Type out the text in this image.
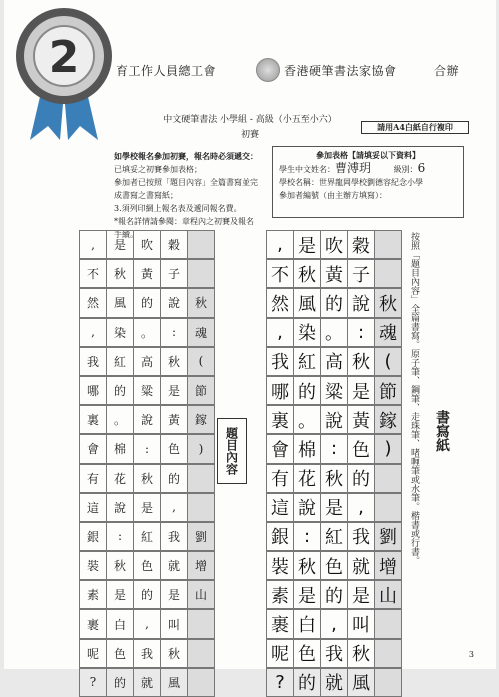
2	育工作人員總工會	香港硬筆書法家協會	合辦
中文硬筆書法 小學組 - 高級（小五至小六）
初賽
請用A4白紙自行複印
如學校報名參加初賽，報名時必須遞交：
已填妥之初賽參加表格；
參加者已按照「題目內容」全篇書寫並完成書寫之書寫紙；
3.須列印網上報名表及遞同報名費。
*報名詳情請參閱：章程內之初賽及報名手續。
參加表格【請填妥以下資料】
學生中文姓名：曹溥玥	級別：6
學校名稱：世界龍岡學校劉德容紀念小學
參加者編號（由主辦方填寫）：
,	是	吹	穀
不	秋	黃	子
然	風	的	說	秋
,	染	。	:	魂
我	紅	高	秋	(
哪	的	粱	是	節
裏	。	說	黃	鎵
會	棉	:	色	)
有	花	秋	的
這	說	是	,
銀	:	紅	我	劉
裝	秋	色	就	增
素	是	的	是	山
裹	白	,	叫
呢	色	我	秋
?	的	就	風
題目內容
, 是 吹 穀
不 秋 黃 子
然 風 的 說 秋
, 染 。 : 魂
我 紅 高 秋 (
哪 的 粱 是 節
裏 。 說 黃 鎵
會 棉 : 色 )
有 花 秋 的
這 說 是 ,
銀 : 紅 我 劉
裝 秋 色 就 增
素 是 的 是 山
裹 白 , 叫
呢 色 我 秋
? 的 就 風
按照「題目內容」全篇書寫。原子筆、鋼筆、走珠筆、啫喱筆或水筆。楷書或行書。 書寫紙
3
